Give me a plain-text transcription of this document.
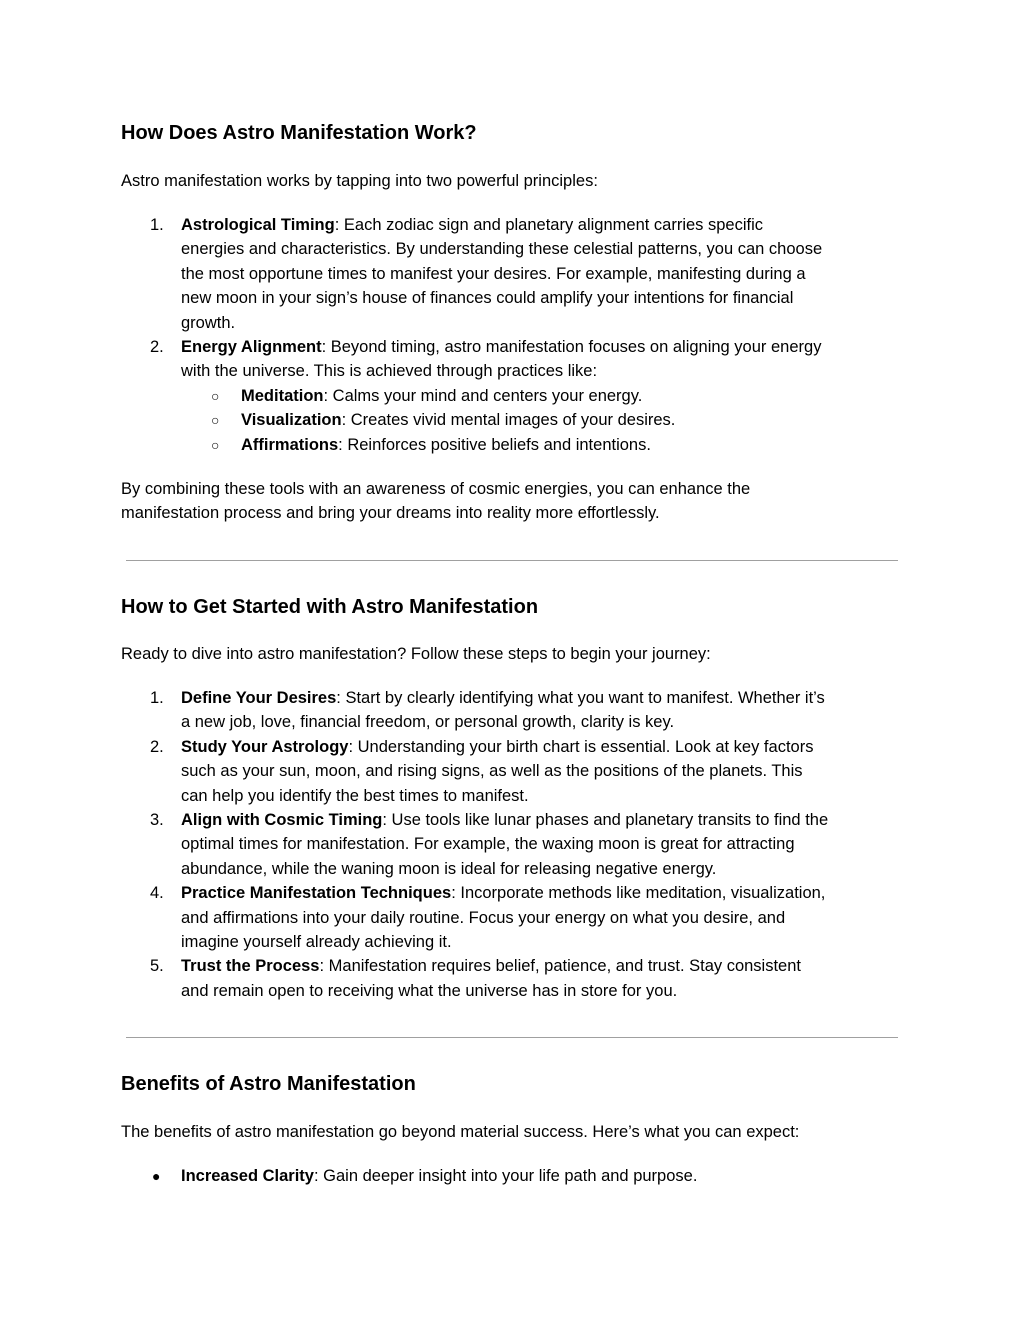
How Does Astro Manifestation Work?

Astro manifestation works by tapping into two powerful principles:

1. Astrological Timing: Each zodiac sign and planetary alignment carries specific
energies and characteristics. By understanding these celestial patterns, you can choose
the most opportune times to manifest your desires. For example, manifesting during a
new moon in your sign’s house of finances could amplify your intentions for financial
growth.
2. Energy Alignment: Beyond timing, astro manifestation focuses on aligning your energy
with the universe. This is achieved through practices like:
○ Meditation: Calms your mind and centers your energy.
○ Visualization: Creates vivid mental images of your desires.
○ Affirmations: Reinforces positive beliefs and intentions.

By combining these tools with an awareness of cosmic energies, you can enhance the
manifestation process and bring your dreams into reality more effortlessly.

How to Get Started with Astro Manifestation

Ready to dive into astro manifestation? Follow these steps to begin your journey:

1. Define Your Desires: Start by clearly identifying what you want to manifest. Whether it’s
a new job, love, financial freedom, or personal growth, clarity is key.
2. Study Your Astrology: Understanding your birth chart is essential. Look at key factors
such as your sun, moon, and rising signs, as well as the positions of the planets. This
can help you identify the best times to manifest.
3. Align with Cosmic Timing: Use tools like lunar phases and planetary transits to find the
optimal times for manifestation. For example, the waxing moon is great for attracting
abundance, while the waning moon is ideal for releasing negative energy.
4. Practice Manifestation Techniques: Incorporate methods like meditation, visualization,
and affirmations into your daily routine. Focus your energy on what you desire, and
imagine yourself already achieving it.
5. Trust the Process: Manifestation requires belief, patience, and trust. Stay consistent
and remain open to receiving what the universe has in store for you.
Benefits of Astro Manifestation

The benefits of astro manifestation go beyond material success. Here’s what you can expect:

● Increased Clarity: Gain deeper insight into your life path and purpose.
